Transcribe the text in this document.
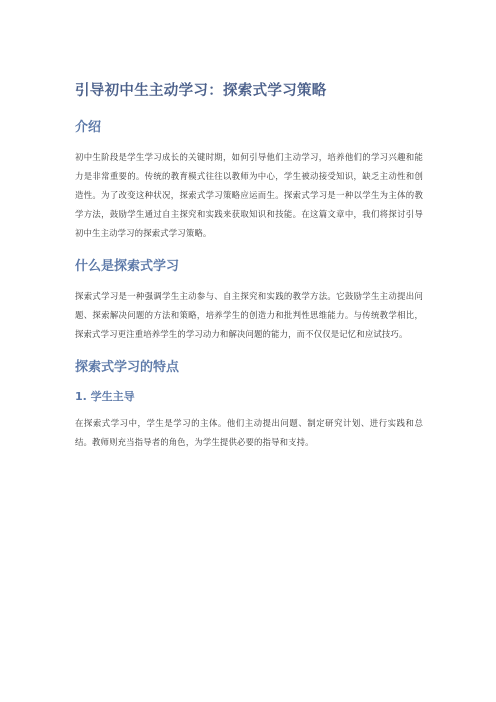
引导初中生主动学习：探索式学习策略
介绍

初中生阶段是学生学习成长的关键时期，如何引导他们主动学习，培养他们的学习兴趣和能力是非常重要的。传统的教育模式往往以教师为中心，学生被动接受知识，缺乏主动性和创造性。为了改变这种状况，探索式学习策略应运而生。探索式学习是一种以学生为主体的教学方法，鼓励学生通过自主探究和实践来获取知识和技能。在这篇文章中，我们将探讨引导初中生主动学习的探索式学习策略。

什么是探索式学习

探索式学习是一种强调学生主动参与、自主探究和实践的教学方法。它鼓励学生主动提出问题、探索解决问题的方法和策略，培养学生的创造力和批判性思维能力。与传统教学相比，探索式学习更注重培养学生的学习动力和解决问题的能力，而不仅仅是记忆和应试技巧。

探索式学习的特点
1. 学生主导

在探索式学习中，学生是学习的主体。他们主动提出问题、制定研究计划、进行实践和总结。教师则充当指导者的角色，为学生提供必要的指导和支持。
